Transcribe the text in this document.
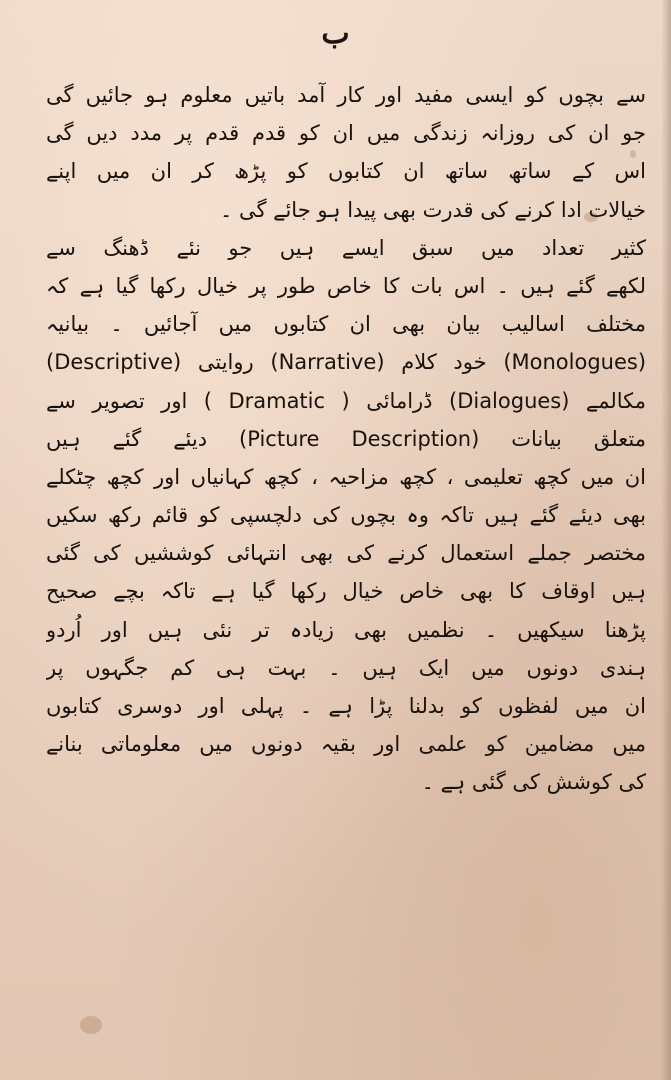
ب
سے بچوں کو ایسی مفید اور کار آمد باتیں معلوم ہو جائیں گی
جو ان کی روزانہ زندگی میں ان کو قدم قدم پر مدد دیں گی
اس کے ساتھ ساتھ ان کتابوں کو پڑھ کر ان میں اپنے
خیالات ادا کرنے کی قدرت بھی پیدا ہو جائے گی ۔
کثیر تعداد میں سبق ایسے ہیں جو نئے ڈھنگ سے
لکھے گئے ہیں ۔ اس بات کا خاص طور پر خیال رکھا گیا ہے کہ
مختلف اسالیب بیان بھی ان کتابوں میں آجائیں ۔ بیانیہ
(Descriptive) روایتی (Narrative) خود کلام (Monologues)
مکالمے (Dialogues) ڈرامائی ( Dramatic ) اور تصویر سے
متعلق بیانات (Picture Description) دیئے گئے ہیں
ان میں کچھ تعلیمی ، کچھ مزاحیہ ، کچھ کہانیاں اور کچھ چٹکلے
بھی دیئے گئے ہیں تاکہ وہ بچوں کی دلچسپی کو قائم رکھ سکیں
مختصر جملے استعمال کرنے کی بھی انتہائی کوششیں کی گئی
ہیں اوقاف کا بھی خاص خیال رکھا گیا ہے تاکہ بچے صحیح
پڑھنا سیکھیں ۔ نظمیں بھی زیادہ تر نئی ہیں اور اُردو
ہندی دونوں میں ایک ہیں ۔ بہت ہی کم جگہوں پر
ان میں لفظوں کو بدلنا پڑا ہے ۔ پہلی اور دوسری کتابوں
میں مضامین کو علمی اور بقیہ دونوں میں معلوماتی بنانے
کی کوشش کی گئی ہے ۔
